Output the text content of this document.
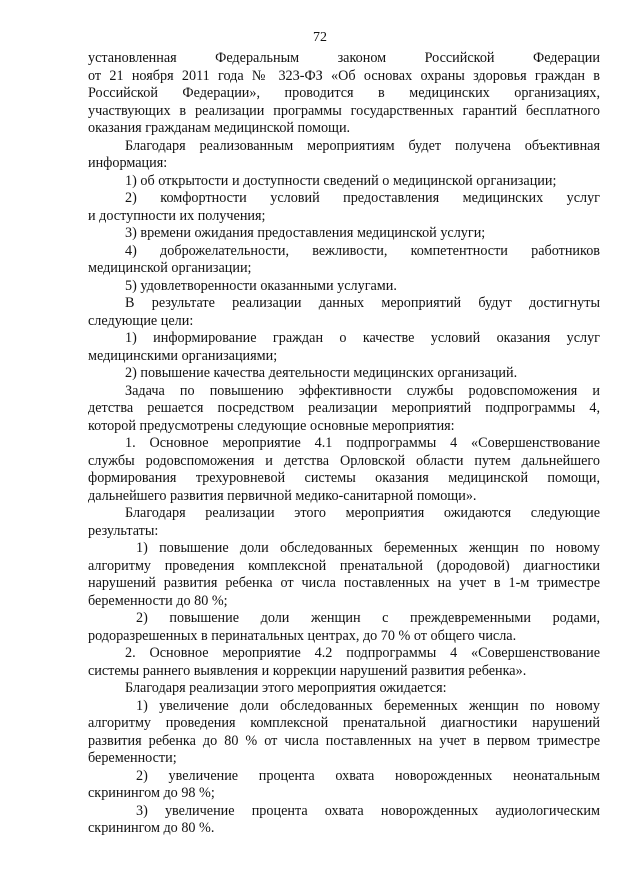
72
установленная Федеральным законом Российской Федерации
от 21 ноября 2011 года № 323-ФЗ «Об основах охраны здоровья граждан в
Российской Федерации», проводится в медицинских организациях,
участвующих в реализации программы государственных гарантий бесплатного
оказания гражданам медицинской помощи.
Благодаря реализованным мероприятиям будет получена объективная
информация:
1) об открытости и доступности сведений о медицинской организации;
2) комфортности условий предоставления медицинских услуг
и доступности их получения;
3) времени ожидания предоставления медицинской услуги;
4) доброжелательности, вежливости, компетентности работников
медицинской организации;
5) удовлетворенности оказанными услугами.
В результате реализации данных мероприятий будут достигнуты
следующие цели:
1) информирование граждан о качестве условий оказания услуг
медицинскими организациями;
2) повышение качества деятельности медицинских организаций.
Задача по повышению эффективности службы родовспоможения и
детства решается посредством реализации мероприятий подпрограммы 4,
которой предусмотрены следующие основные мероприятия:
1. Основное мероприятие 4.1 подпрограммы 4 «Совершенствование
службы родовспоможения и детства Орловской области путем дальнейшего
формирования трехуровневой системы оказания медицинской помощи,
дальнейшего развития первичной медико-санитарной помощи».
Благодаря реализации этого мероприятия ожидаются следующие
результаты:
1) повышение доли обследованных беременных женщин по новому
алгоритму проведения комплексной пренатальной (дородовой) диагностики
нарушений развития ребенка от числа поставленных на учет в 1-м триместре
беременности до 80 %;
2) повышение доли женщин с преждевременными родами,
родоразрешенных в перинатальных центрах, до 70 % от общего числа.
2. Основное мероприятие 4.2 подпрограммы 4 «Совершенствование
системы раннего выявления и коррекции нарушений развития ребенка».
Благодаря реализации этого мероприятия ожидается:
1) увеличение доли обследованных беременных женщин по новому
алгоритму проведения комплексной пренатальной диагностики нарушений
развития ребенка до 80 % от числа поставленных на учет в первом триместре
беременности;
2) увеличение процента охвата новорожденных неонатальным
скринингом до 98 %;
3) увеличение процента охвата новорожденных аудиологическим
скринингом до 80 %.
